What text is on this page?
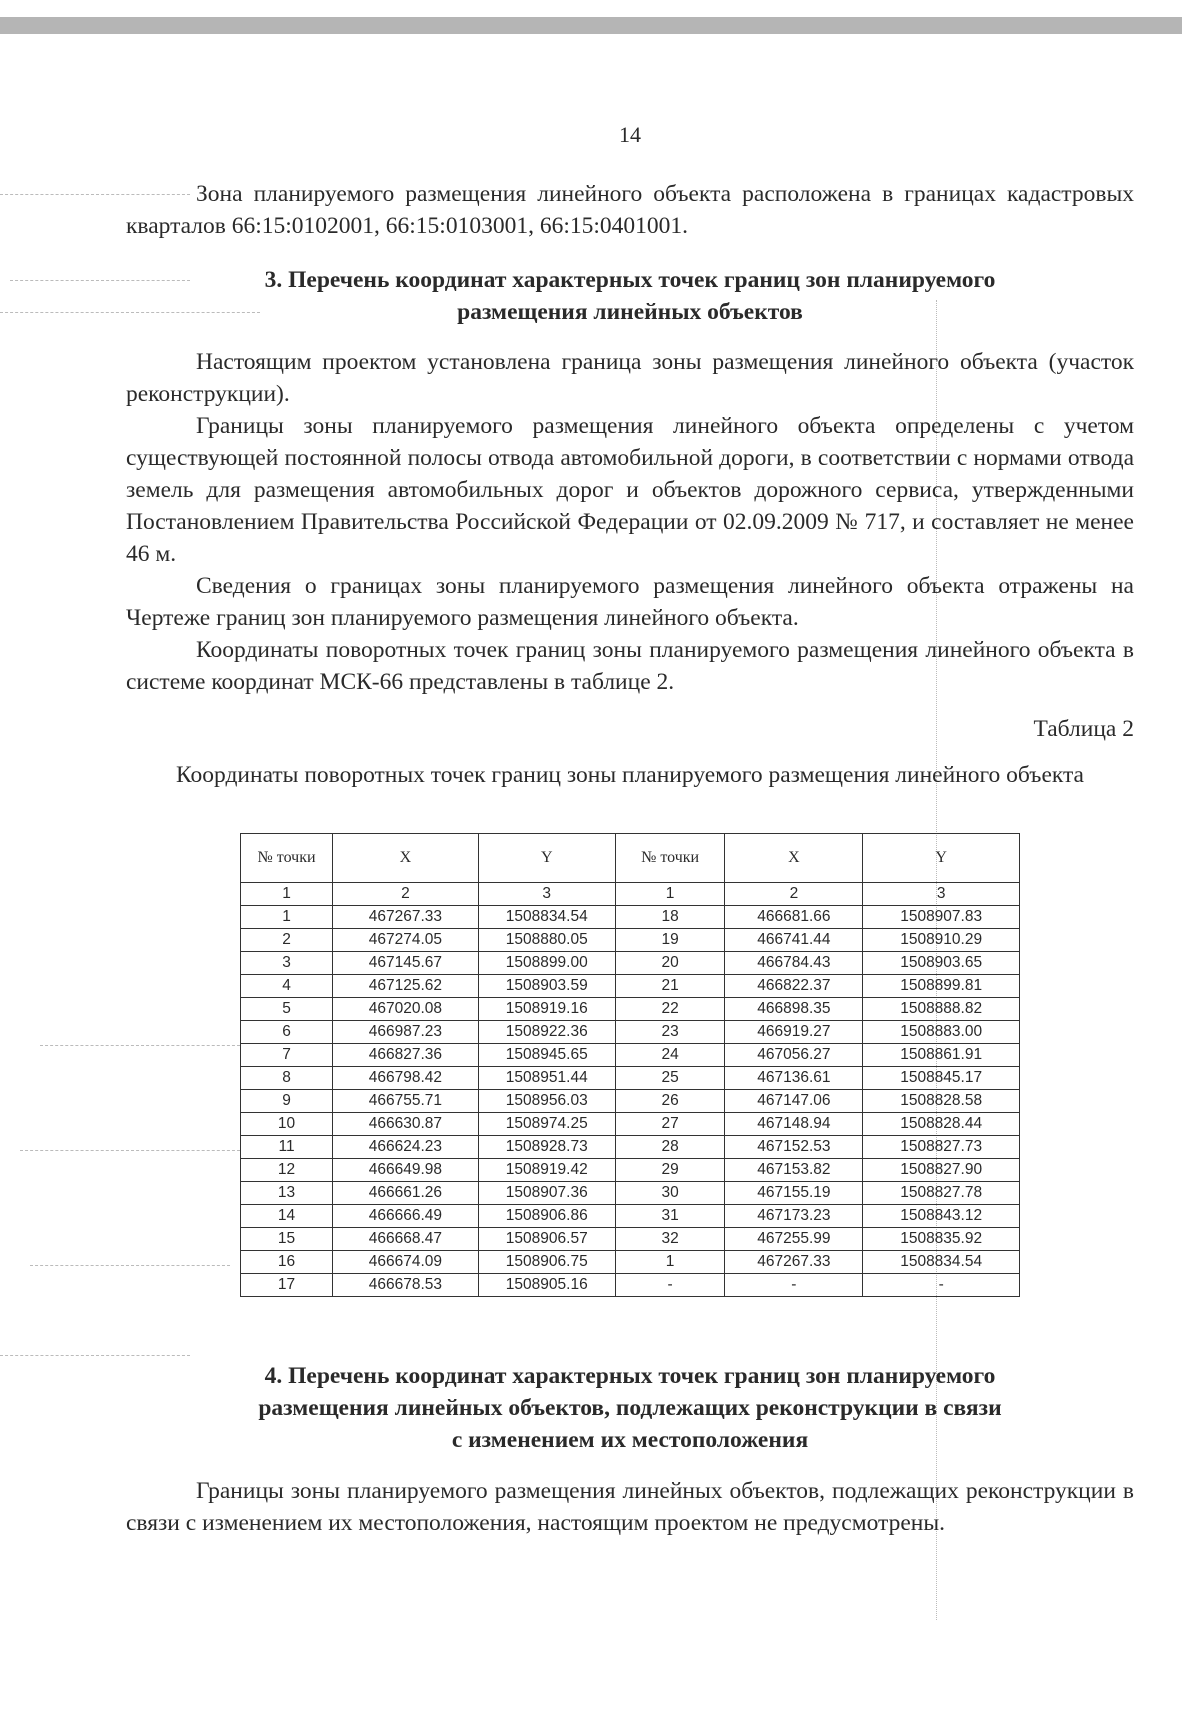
14

Зона планируемого размещения линейного объекта расположена в границах кадастровых кварталов 66:15:0102001, 66:15:0103001, 66:15:0401001.

3. Перечень координат характерных точек границ зон планируемого
размещения линейных объектов

Настоящим проектом установлена граница зоны размещения линейного объекта (участок реконструкции).

Границы зоны планируемого размещения линейного объекта определены с учетом существующей постоянной полосы отвода автомобильной дороги, в соответствии с нормами отвода земель для размещения автомобильных дорог и объектов дорожного сервиса, утвержденными Постановлением Правительства Российской Федерации от 02.09.2009 № 717, и составляет не менее 46 м.

Сведения о границах зоны планируемого размещения линейного объекта отражены на Чертеже границ зон планируемого размещения линейного объекта.

Координаты поворотных точек границ зоны планируемого размещения линейного объекта в системе координат МСК-66 представлены в таблице 2.

Таблица 2
Координаты поворотных точек границ зоны планируемого размещения линейного объекта
№ точки	X	Y	№ точки	X	Y
1	2	3	1	2	3
1	467267.33	1508834.54	18	466681.66	1508907.83
2	467274.05	1508880.05	19	466741.44	1508910.29
3	467145.67	1508899.00	20	466784.43	1508903.65
4	467125.62	1508903.59	21	466822.37	1508899.81
5	467020.08	1508919.16	22	466898.35	1508888.82
6	466987.23	1508922.36	23	466919.27	1508883.00
7	466827.36	1508945.65	24	467056.27	1508861.91
8	466798.42	1508951.44	25	467136.61	1508845.17
9	466755.71	1508956.03	26	467147.06	1508828.58
10	466630.87	1508974.25	27	467148.94	1508828.44
11	466624.23	1508928.73	28	467152.53	1508827.73
12	466649.98	1508919.42	29	467153.82	1508827.90
13	466661.26	1508907.36	30	467155.19	1508827.78
14	466666.49	1508906.86	31	467173.23	1508843.12
15	466668.47	1508906.57	32	467255.99	1508835.92
16	466674.09	1508906.75	1	467267.33	1508834.54
17	466678.53	1508905.16	-	-	-
4. Перечень координат характерных точек границ зон планируемого
размещения линейных объектов, подлежащих реконструкции в связи
с изменением их местоположения

Границы зоны планируемого размещения линейных объектов, подлежащих реконструкции в связи с изменением их местоположения, настоящим проектом не предусмотрены.
